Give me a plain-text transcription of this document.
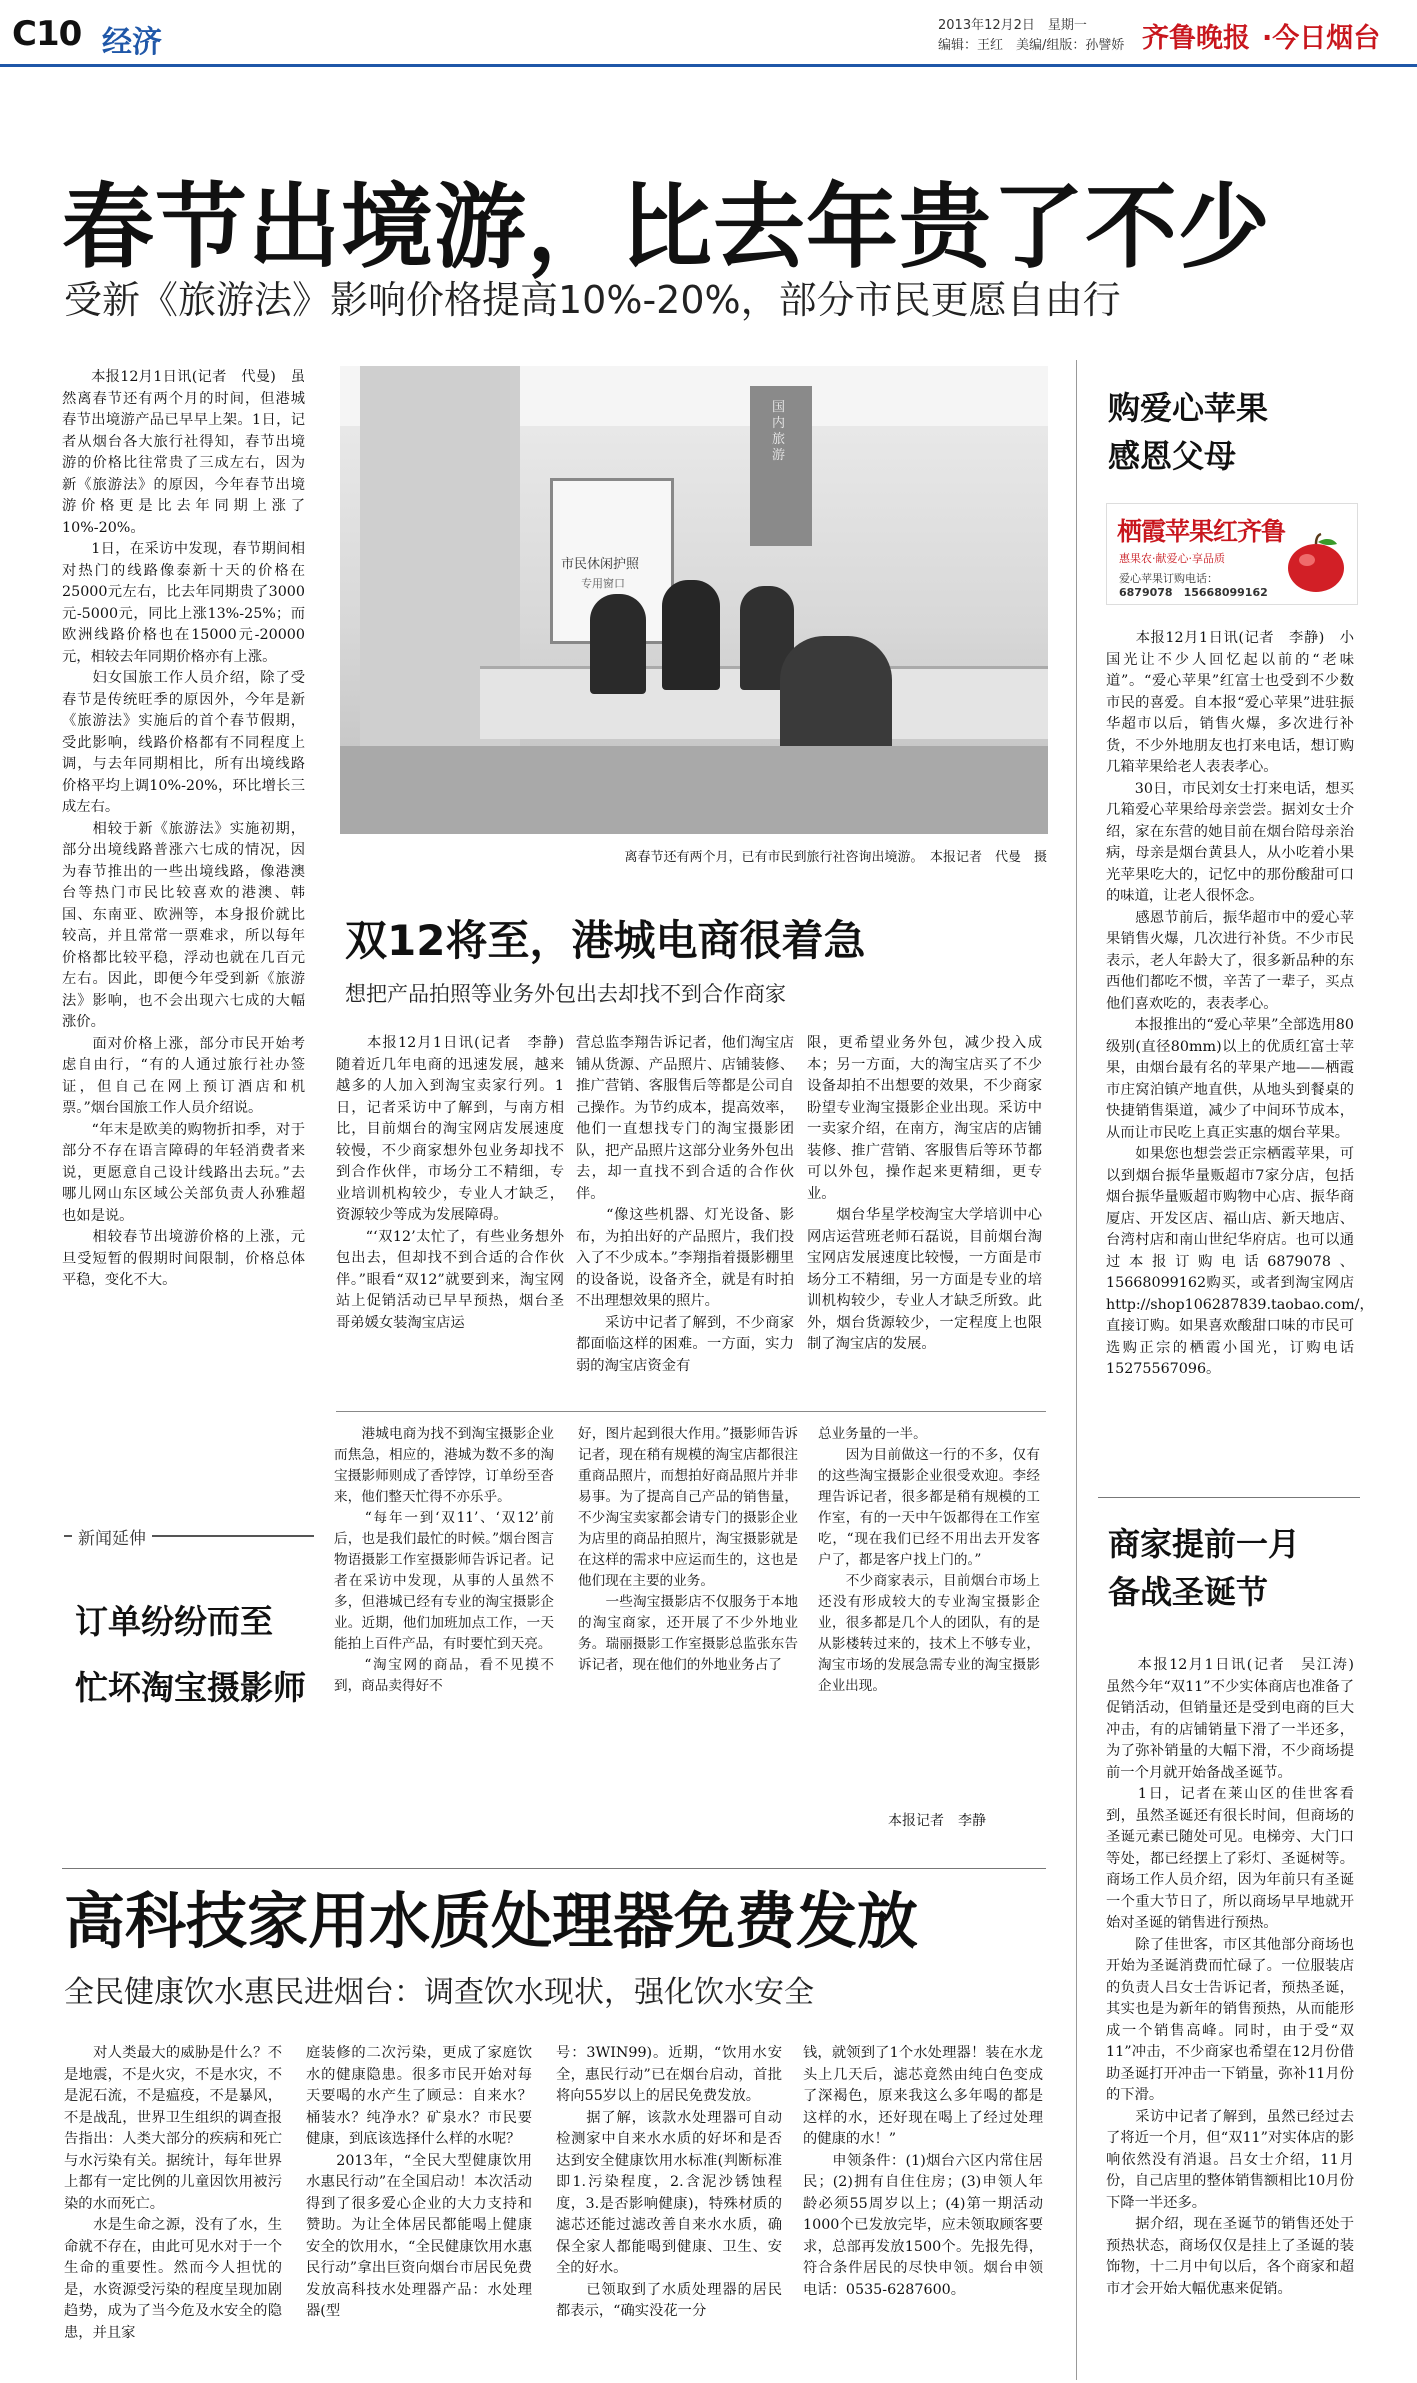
C10 经济	2013年12月2日　星期一
编辑：王红　美编/组版：孙譬娇 齐鲁晚报 ·今日烟台
春节出境游，比去年贵了不少
受新《旅游法》影响价格提高10%-20%，部分市民更愿自由行
　　本报12月1日讯(记者　代曼)　虽然离春节还有两个月的时间，但港城春节出境游产品已早早上架。1日，记者从烟台各大旅行社得知，春节出境游的价格比往常贵了三成左右，因为新《旅游法》的原因，今年春节出境游价格更是比去年同期上涨了10%-20%。
　　1日，在采访中发现，春节期间相对热门的线路像泰新十天的价格在25000元左右，比去年同期贵了3000元-5000元，同比上涨13%-25%；而欧洲线路价格也在15000元-20000元，相较去年同期价格亦有上涨。
　　妇女国旅工作人员介绍，除了受春节是传统旺季的原因外，今年是新《旅游法》实施后的首个春节假期，受此影响，线路价格都有不同程度上调，与去年同期相比，所有出境线路价格平均上调10%-20%，环比增长三成左右。
　　相较于新《旅游法》实施初期，部分出境线路普涨六七成的情况，因为春节推出的一些出境线路，像港澳台等热门市民比较喜欢的港澳、韩国、东南亚、欧洲等，本身报价就比较高，并且常常一票难求，所以每年价格都比较平稳，浮动也就在几百元左右。因此，即便今年受到新《旅游法》影响，也不会出现六七成的大幅涨价。
　　面对价格上涨，部分市民开始考虑自由行，“有的人通过旅行社办签证，但自己在网上预订酒店和机票。”烟台国旅工作人员介绍说。
　　“年末是欧美的购物折扣季，对于部分不存在语言障碍的年轻消费者来说，更愿意自己设计线路出去玩。”去哪儿网山东区域公关部负责人孙雅超也如是说。
　　相较春节出境游价格的上涨，元旦受短暂的假期时间限制，价格总体平稳，变化不大。
市民休闲护照
专用窗口
国内旅游
离春节还有两个月，已有市民到旅行社咨询出境游。　本报记者　代曼　摄
双12将至，港城电商很着急
想把产品拍照等业务外包出去却找不到合作商家
　　本报12月1日讯(记者　李静)　随着近几年电商的迅速发展，越来越多的人加入到淘宝卖家行列。1日，记者采访中了解到，与南方相比，目前烟台的淘宝网店发展速度较慢，不少商家想外包业务却找不到合作伙伴，市场分工不精细，专业培训机构较少，专业人才缺乏，资源较少等成为发展障碍。
　　“‘双12’太忙了，有些业务想外包出去，但却找不到合适的合作伙伴。”眼看“双12”就要到来，淘宝网站上促销活动已早早预热，烟台圣哥弟媛女装淘宝店运
营总监李翔告诉记者，他们淘宝店铺从货源、产品照片、店铺装修、推广营销、客服售后等都是公司自己操作。为节约成本，提高效率，他们一直想找专门的淘宝摄影团队，把产品照片这部分业务外包出去，却一直找不到合适的合作伙伴。
　　“像这些机器、灯光设备、影布，为拍出好的产品照片，我们投入了不少成本。”李翔指着摄影棚里的设备说，设备齐全，就是有时拍不出理想效果的照片。
　　采访中记者了解到，不少商家都面临这样的困难。一方面，实力弱的淘宝店资金有
限，更希望业务外包，减少投入成本；另一方面，大的淘宝店买了不少设备却拍不出想要的效果，不少商家盼望专业淘宝摄影企业出现。采访中一卖家介绍，在南方，淘宝店的店铺装修、推广营销、客服售后等环节都可以外包，操作起来更精细，更专业。
　　烟台华星学校淘宝大学培训中心网店运营班老师石磊说，目前烟台淘宝网店发展速度比较慢，一方面是市场分工不精细，另一方面是专业的培训机构较少，专业人才缺乏所致。此外，烟台货源较少，一定程度上也限制了淘宝店的发展。
新闻延伸
订单纷纷而至
忙坏淘宝摄影师
　　港城电商为找不到淘宝摄影企业而焦急，相应的，港城为数不多的淘宝摄影师则成了香饽饽，订单纷至沓来，他们整天忙得不亦乐乎。
　　“每年一到‘双11’、‘双12’前后，也是我们最忙的时候。”烟台图言物语摄影工作室摄影师告诉记者。记者在采访中发现，从事的人虽然不多，但港城已经有专业的淘宝摄影企业。近期，他们加班加点工作，一天能拍上百件产品，有时要忙到天亮。
　　“淘宝网的商品，看不见摸不到，商品卖得好不
好，图片起到很大作用。”摄影师告诉记者，现在稍有规模的淘宝店都很注重商品照片，而想拍好商品照片并非易事。为了提高自己产品的销售量，不少淘宝卖家都会请专门的摄影企业为店里的商品拍照片，淘宝摄影就是在这样的需求中应运而生的，这也是他们现在主要的业务。
　　一些淘宝摄影店不仅服务于本地的淘宝商家，还开展了不少外地业务。瑞丽摄影工作室摄影总监张东告诉记者，现在他们的外地业务占了
总业务量的一半。
　　因为目前做这一行的不多，仅有的这些淘宝摄影企业很受欢迎。李经理告诉记者，很多都是稍有规模的工作室，有的一天中午饭都得在工作室吃，“现在我们已经不用出去开发客户了，都是客户找上门的。”
　　不少商家表示，目前烟台市场上还没有形成较大的专业淘宝摄影企业，很多都是几个人的团队，有的是从影楼转过来的，技术上不够专业，淘宝市场的发展急需专业的淘宝摄影企业出现。
本报记者　李静
高科技家用水质处理器免费发放
全民健康饮水惠民进烟台：调查饮水现状，强化饮水安全
　　对人类最大的威胁是什么？不是地震，不是火灾，不是水灾，不是泥石流，不是瘟疫，不是暴风，不是战乱，世界卫生组织的调查报告指出：人类大部分的疾病和死亡与水污染有关。据统计，每年世界上都有一定比例的儿童因饮用被污染的水而死亡。
　　水是生命之源，没有了水，生命就不存在，由此可见水对于一个生命的重要性。然而今人担忧的是，水资源受污染的程度呈现加剧趋势，成为了当今危及水安全的隐患，并且家
庭装修的二次污染，更成了家庭饮水的健康隐患。很多市民开始对每天要喝的水产生了顾忌：自来水？桶装水？纯净水？矿泉水？市民要健康，到底该选择什么样的水呢？
　　2013年，“全民大型健康饮用水惠民行动”在全国启动！本次活动得到了很多爱心企业的大力支持和赞助。为让全体居民都能喝上健康安全的饮用水，“全民健康饮用水惠民行动”拿出巨资向烟台市居民免费发放高科技水处理器产品：水处理器(型
号：3WIN99)。近期，“饮用水安全，惠民行动”已在烟台启动，首批将向55岁以上的居民免费发放。
　　据了解，该款水处理器可自动检测家中自来水水质的好坏和是否达到安全健康饮用水标准(判断标准即1.污染程度，2.含泥沙锈蚀程度，3.是否影响健康)，特殊材质的滤芯还能过滤改善自来水水质，确保全家人都能喝到健康、卫生、安全的好水。
　　已领取到了水质处理器的居民都表示，“确实没花一分
钱，就领到了1个水处理器！装在水龙头上几天后，滤芯竟然由纯白色变成了深褐色，原来我这么多年喝的都是这样的水，还好现在喝上了经过处理的健康的水！”
　　申领条件：(1)烟台六区内常住居民；(2)拥有自住住房；(3)申领人年龄必须55周岁以上；(4)第一期活动1000个已发放完毕，应未领取顾客要求，总部再发放1500个。先报先得，符合条件居民的尽快申领。烟台申领电话：0535-6287600。
购爱心苹果
感恩父母
栖霞苹果红齐鲁
惠果农·献爱心·享品质
爱心苹果订购电话：
6879078　15668099162
　　本报12月1日讯(记者　李静)　小国光让不少人回忆起以前的“老味道”。“爱心苹果”红富士也受到不少数市民的喜爱。自本报“爱心苹果”进驻振华超市以后，销售火爆，多次进行补货，不少外地朋友也打来电话，想订购几箱苹果给老人表表孝心。
　　30日，市民刘女士打来电话，想买几箱爱心苹果给母亲尝尝。据刘女士介绍，家在东营的她目前在烟台陪母亲治病，母亲是烟台黄县人，从小吃着小果光苹果吃大的，记忆中的那份酸甜可口的味道，让老人很怀念。
　　感恩节前后，振华超市中的爱心苹果销售火爆，几次进行补货。不少市民表示，老人年龄大了，很多新品种的东西他们都吃不惯，辛苦了一辈子，买点他们喜欢吃的，表表孝心。
　　本报推出的“爱心苹果”全部选用80级别(直径80mm)以上的优质红富士苹果，由烟台最有名的苹果产地——栖霞市庄窝泊镇产地直供，从地头到餐桌的快捷销售渠道，减少了中间环节成本，从而让市民吃上真正实惠的烟台苹果。
　　如果您也想尝尝正宗栖霞苹果，可以到烟台振华量贩超市7家分店，包括烟台振华量贩超市购物中心店、振华商厦店、开发区店、福山店、新天地店、台湾村店和南山世纪华府店。也可以通过本报订购电话6879078、15668099162购买，或者到淘宝网店http://shop106287839.taobao.com/，直接订购。如果喜欢酸甜口味的市民可选购正宗的栖霞小国光，订购电话15275567096。
商家提前一月
备战圣诞节
　　本报12月1日讯(记者　吴江涛)　虽然今年“双11”不少实体商店也准备了促销活动，但销量还是受到电商的巨大冲击，有的店铺销量下滑了一半还多，为了弥补销量的大幅下滑，不少商场提前一个月就开始备战圣诞节。
　　1日，记者在莱山区的佳世客看到，虽然圣诞还有很长时间，但商场的圣诞元素已随处可见。电梯旁、大门口等处，都已经摆上了彩灯、圣诞树等。商场工作人员介绍，因为年前只有圣诞一个重大节日了，所以商场早早地就开始对圣诞的销售进行预热。
　　除了佳世客，市区其他部分商场也开始为圣诞消费而忙碌了。一位服装店的负责人吕女士告诉记者，预热圣诞，其实也是为新年的销售预热，从而能形成一个销售高峰。同时，由于受“双11”冲击，不少商家也希望在12月份借助圣诞打开冲击一下销量，弥补11月份的下滑。
　　采访中记者了解到，虽然已经过去了将近一个月，但“双11”对实体店的影响依然没有消退。吕女士介绍，11月份，自己店里的整体销售额相比10月份下降一半还多。
　　据介绍，现在圣诞节的销售还处于预热状态，商场仅仅是挂上了圣诞的装饰物，十二月中旬以后，各个商家和超市才会开始大幅优惠来促销。
